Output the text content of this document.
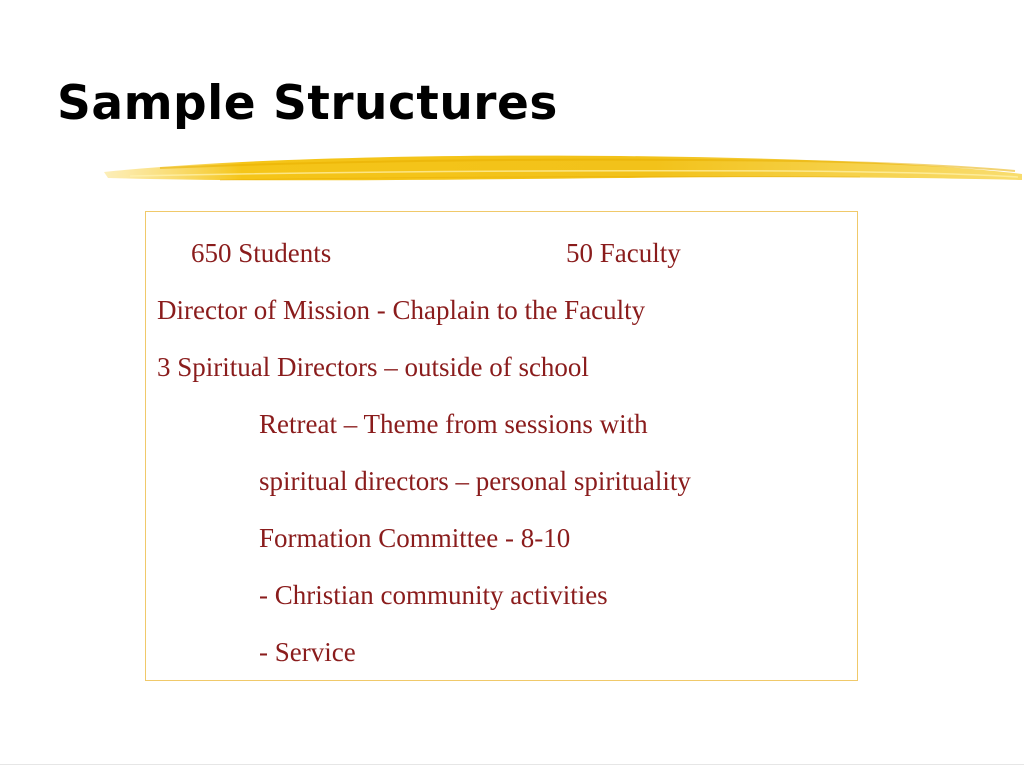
Sample Structures
650 Students	50 Faculty
Director of Mission - Chaplain to the Faculty
3 Spiritual Directors – outside of school
Retreat – Theme from sessions with
spiritual directors – personal spirituality
Formation Committee - 8-10
- Christian community activities
- Service
